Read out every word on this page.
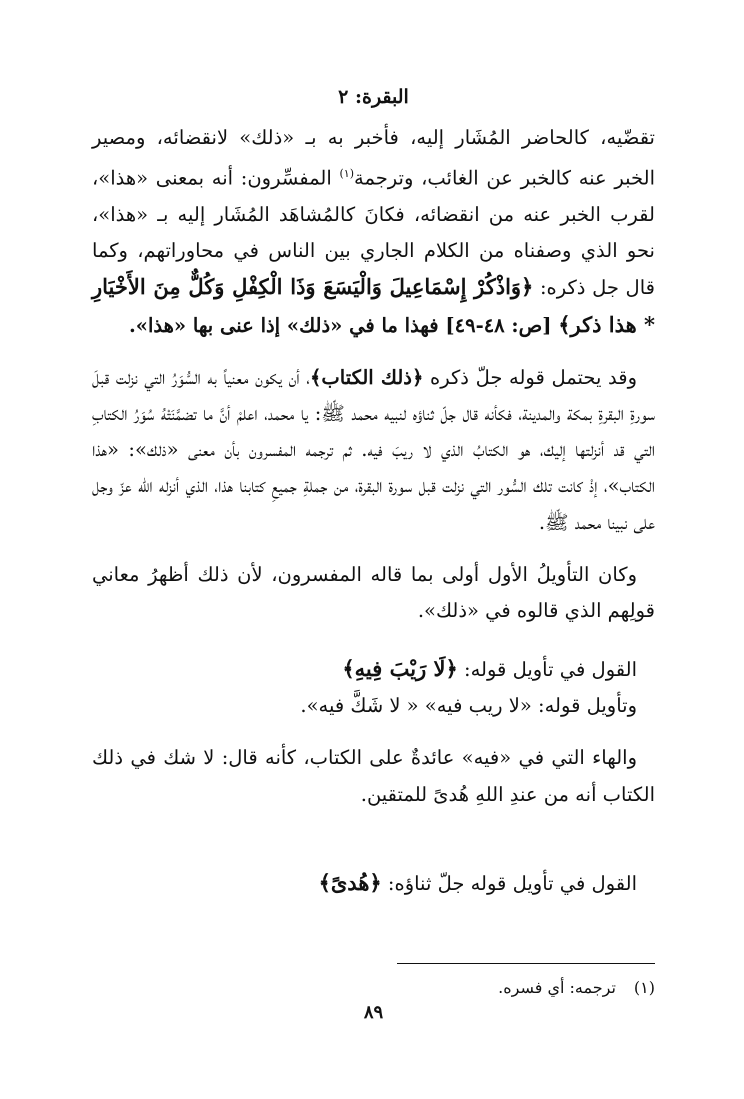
البقرة: ٢

تقضّيه، كالحاضر المُشَار إليه، فأخبر به بـ «ذلك» لانقضائه، ومصير الخبر عنه كالخبر عن الغائب، وترجمة$^{(١)}$ المفسِّرون: أنه بمعنى «هذا»، لقرب الخبر عنه من انقضائه، فكانَ كالمُشاهَد المُشَار إليه بـ «هذا»، نحو الذي وصفناه من الكلام الجاري بين الناس في محاوراتهم، وكما قال جل ذكره: ﴿وَاذْكُرْ إِسْمَاعِيلَ وَالْيَسَعَ وَذَا الْكِفْلِ وَكُلٌّ مِنَ الأَخْيَارِ * هذا ذكر﴾ [ص: ٤٨-٤٩] فهذا ما في «ذلك» إذا عنى بها «هذا».

وقد يحتمل قوله جلّ ذكره ﴿ذلك الكتاب﴾، أن يكون معنياً به السُّوَرُ التي نزلت قبلَ سورةِ البقرةِ بمكة والمدينة، فكأنه قال جلّ ثناؤه لنبيه محمد ﷺ: يا محمد، اعلمْ أنَّ ما تضمَّنَتْهُ سُوَرُ الكتابِ التي قد أنزلتها إليك، هو الكتابُ الذي لا ريبَ فيه. ثم ترجمه المفسرون بأن معنى «ذلك»: «هذا الكتاب»، إذْ كانت تلك السُّور التي نزلت قبل سورة البقرة، من جملةِ جميعِ كتابنا هذا، الذي أنزله الله عزّ وجل على نبينا محمد ﷺ.

وكان التأويلُ الأول أولى بما قاله المفسرون، لأن ذلك أظهرُ معاني قولِهم الذي قالوه في «ذلك».

القول في تأويل قوله: ﴿لَا رَيْبَ فِيهِ﴾

وتأويل قوله: «لا ريب فيه» « لا شَكَّ فيه».

والهاء التي في «فيه» عائدةٌ على الكتاب، كأنه قال: لا شك في ذلك الكتاب أنه من عندِ اللهِ هُدىً للمتقين.

القول في تأويل قوله جلّ ثناؤه: ﴿هُدىً﴾

(١)ترجمه: أي فسره.
٨٩
